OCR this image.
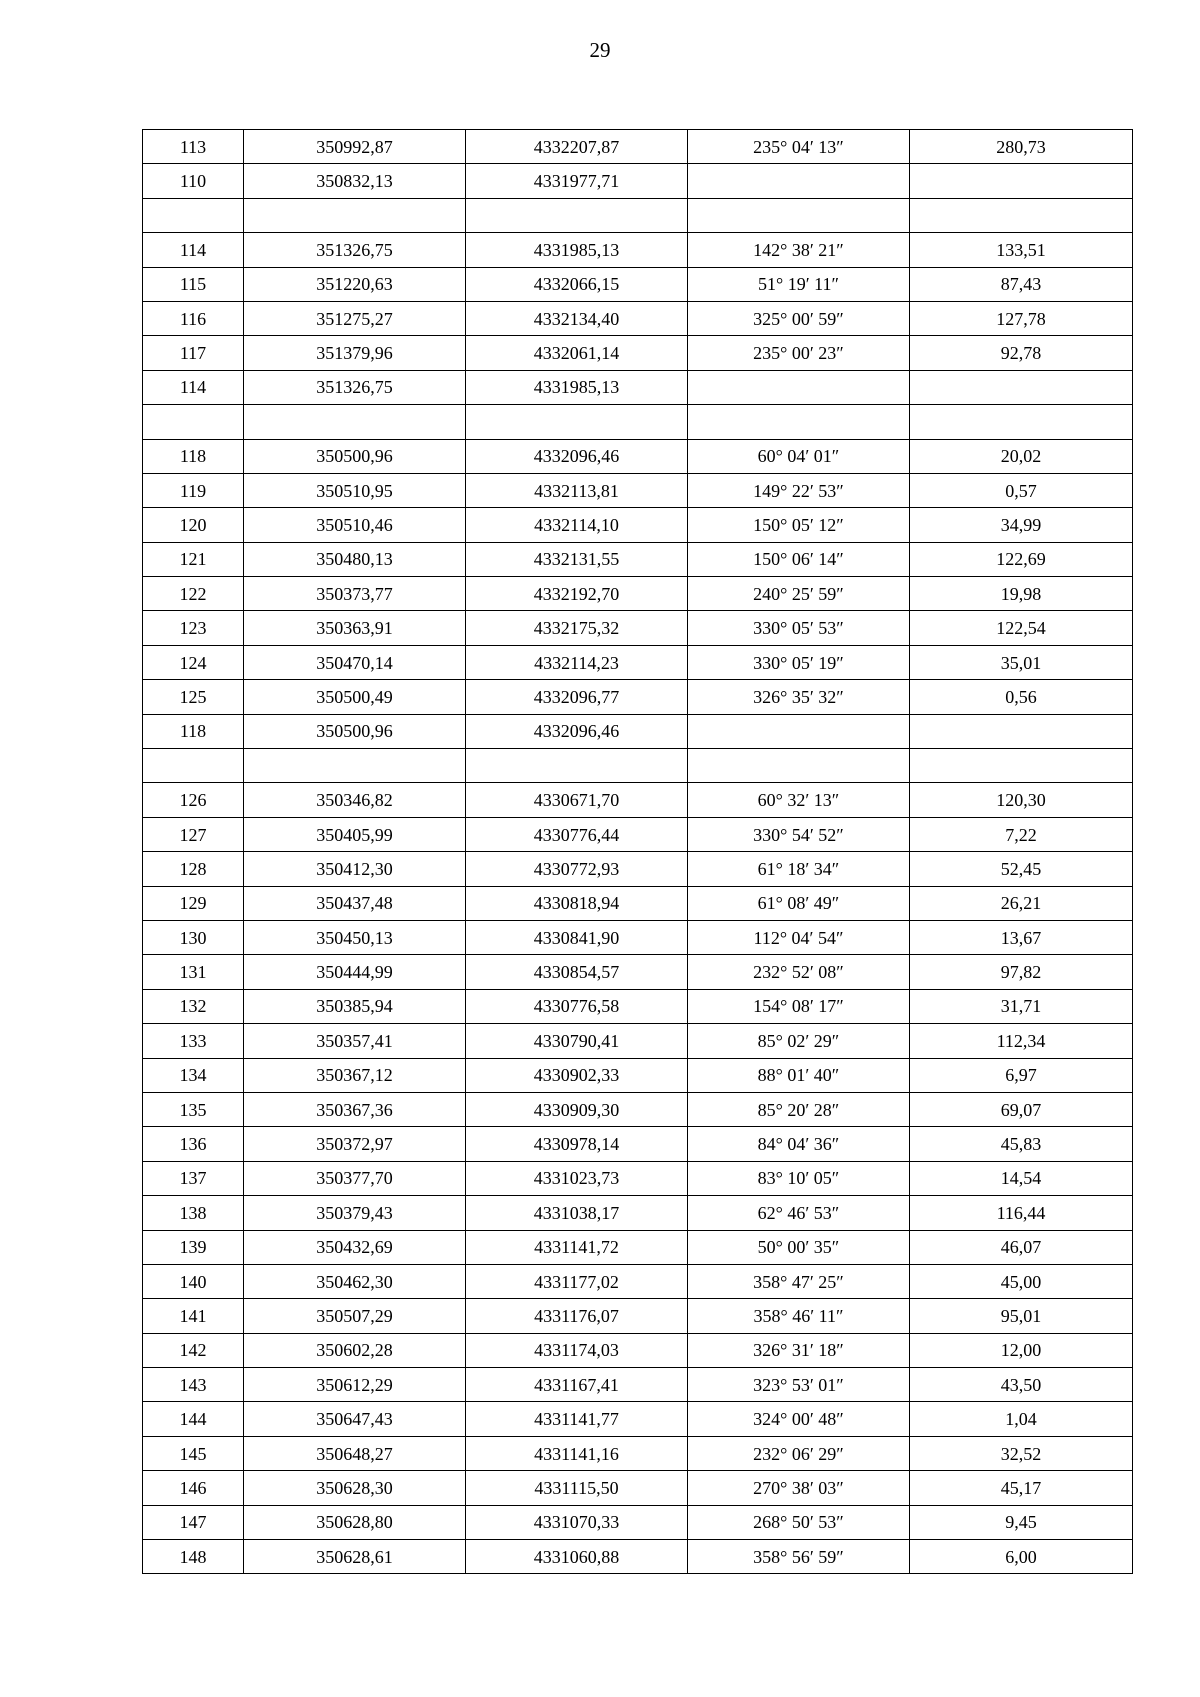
29
113	350992,87	4332207,87	235° 04′ 13″	280,73
110	350832,13	4331977,71		

114	351326,75	4331985,13	142° 38′ 21″	133,51
115	351220,63	4332066,15	51° 19′ 11″	87,43
116	351275,27	4332134,40	325° 00′ 59″	127,78
117	351379,96	4332061,14	235° 00′ 23″	92,78
114	351326,75	4331985,13		

118	350500,96	4332096,46	60° 04′ 01″	20,02
119	350510,95	4332113,81	149° 22′ 53″	0,57
120	350510,46	4332114,10	150° 05′ 12″	34,99
121	350480,13	4332131,55	150° 06′ 14″	122,69
122	350373,77	4332192,70	240° 25′ 59″	19,98
123	350363,91	4332175,32	330° 05′ 53″	122,54
124	350470,14	4332114,23	330° 05′ 19″	35,01
125	350500,49	4332096,77	326° 35′ 32″	0,56
118	350500,96	4332096,46		

126	350346,82	4330671,70	60° 32′ 13″	120,30
127	350405,99	4330776,44	330° 54′ 52″	7,22
128	350412,30	4330772,93	61° 18′ 34″	52,45
129	350437,48	4330818,94	61° 08′ 49″	26,21
130	350450,13	4330841,90	112° 04′ 54″	13,67
131	350444,99	4330854,57	232° 52′ 08″	97,82
132	350385,94	4330776,58	154° 08′ 17″	31,71
133	350357,41	4330790,41	85° 02′ 29″	112,34
134	350367,12	4330902,33	88° 01′ 40″	6,97
135	350367,36	4330909,30	85° 20′ 28″	69,07
136	350372,97	4330978,14	84° 04′ 36″	45,83
137	350377,70	4331023,73	83° 10′ 05″	14,54
138	350379,43	4331038,17	62° 46′ 53″	116,44
139	350432,69	4331141,72	50° 00′ 35″	46,07
140	350462,30	4331177,02	358° 47′ 25″	45,00
141	350507,29	4331176,07	358° 46′ 11″	95,01
142	350602,28	4331174,03	326° 31′ 18″	12,00
143	350612,29	4331167,41	323° 53′ 01″	43,50
144	350647,43	4331141,77	324° 00′ 48″	1,04
145	350648,27	4331141,16	232° 06′ 29″	32,52
146	350628,30	4331115,50	270° 38′ 03″	45,17
147	350628,80	4331070,33	268° 50′ 53″	9,45
148	350628,61	4331060,88	358° 56′ 59″	6,00
